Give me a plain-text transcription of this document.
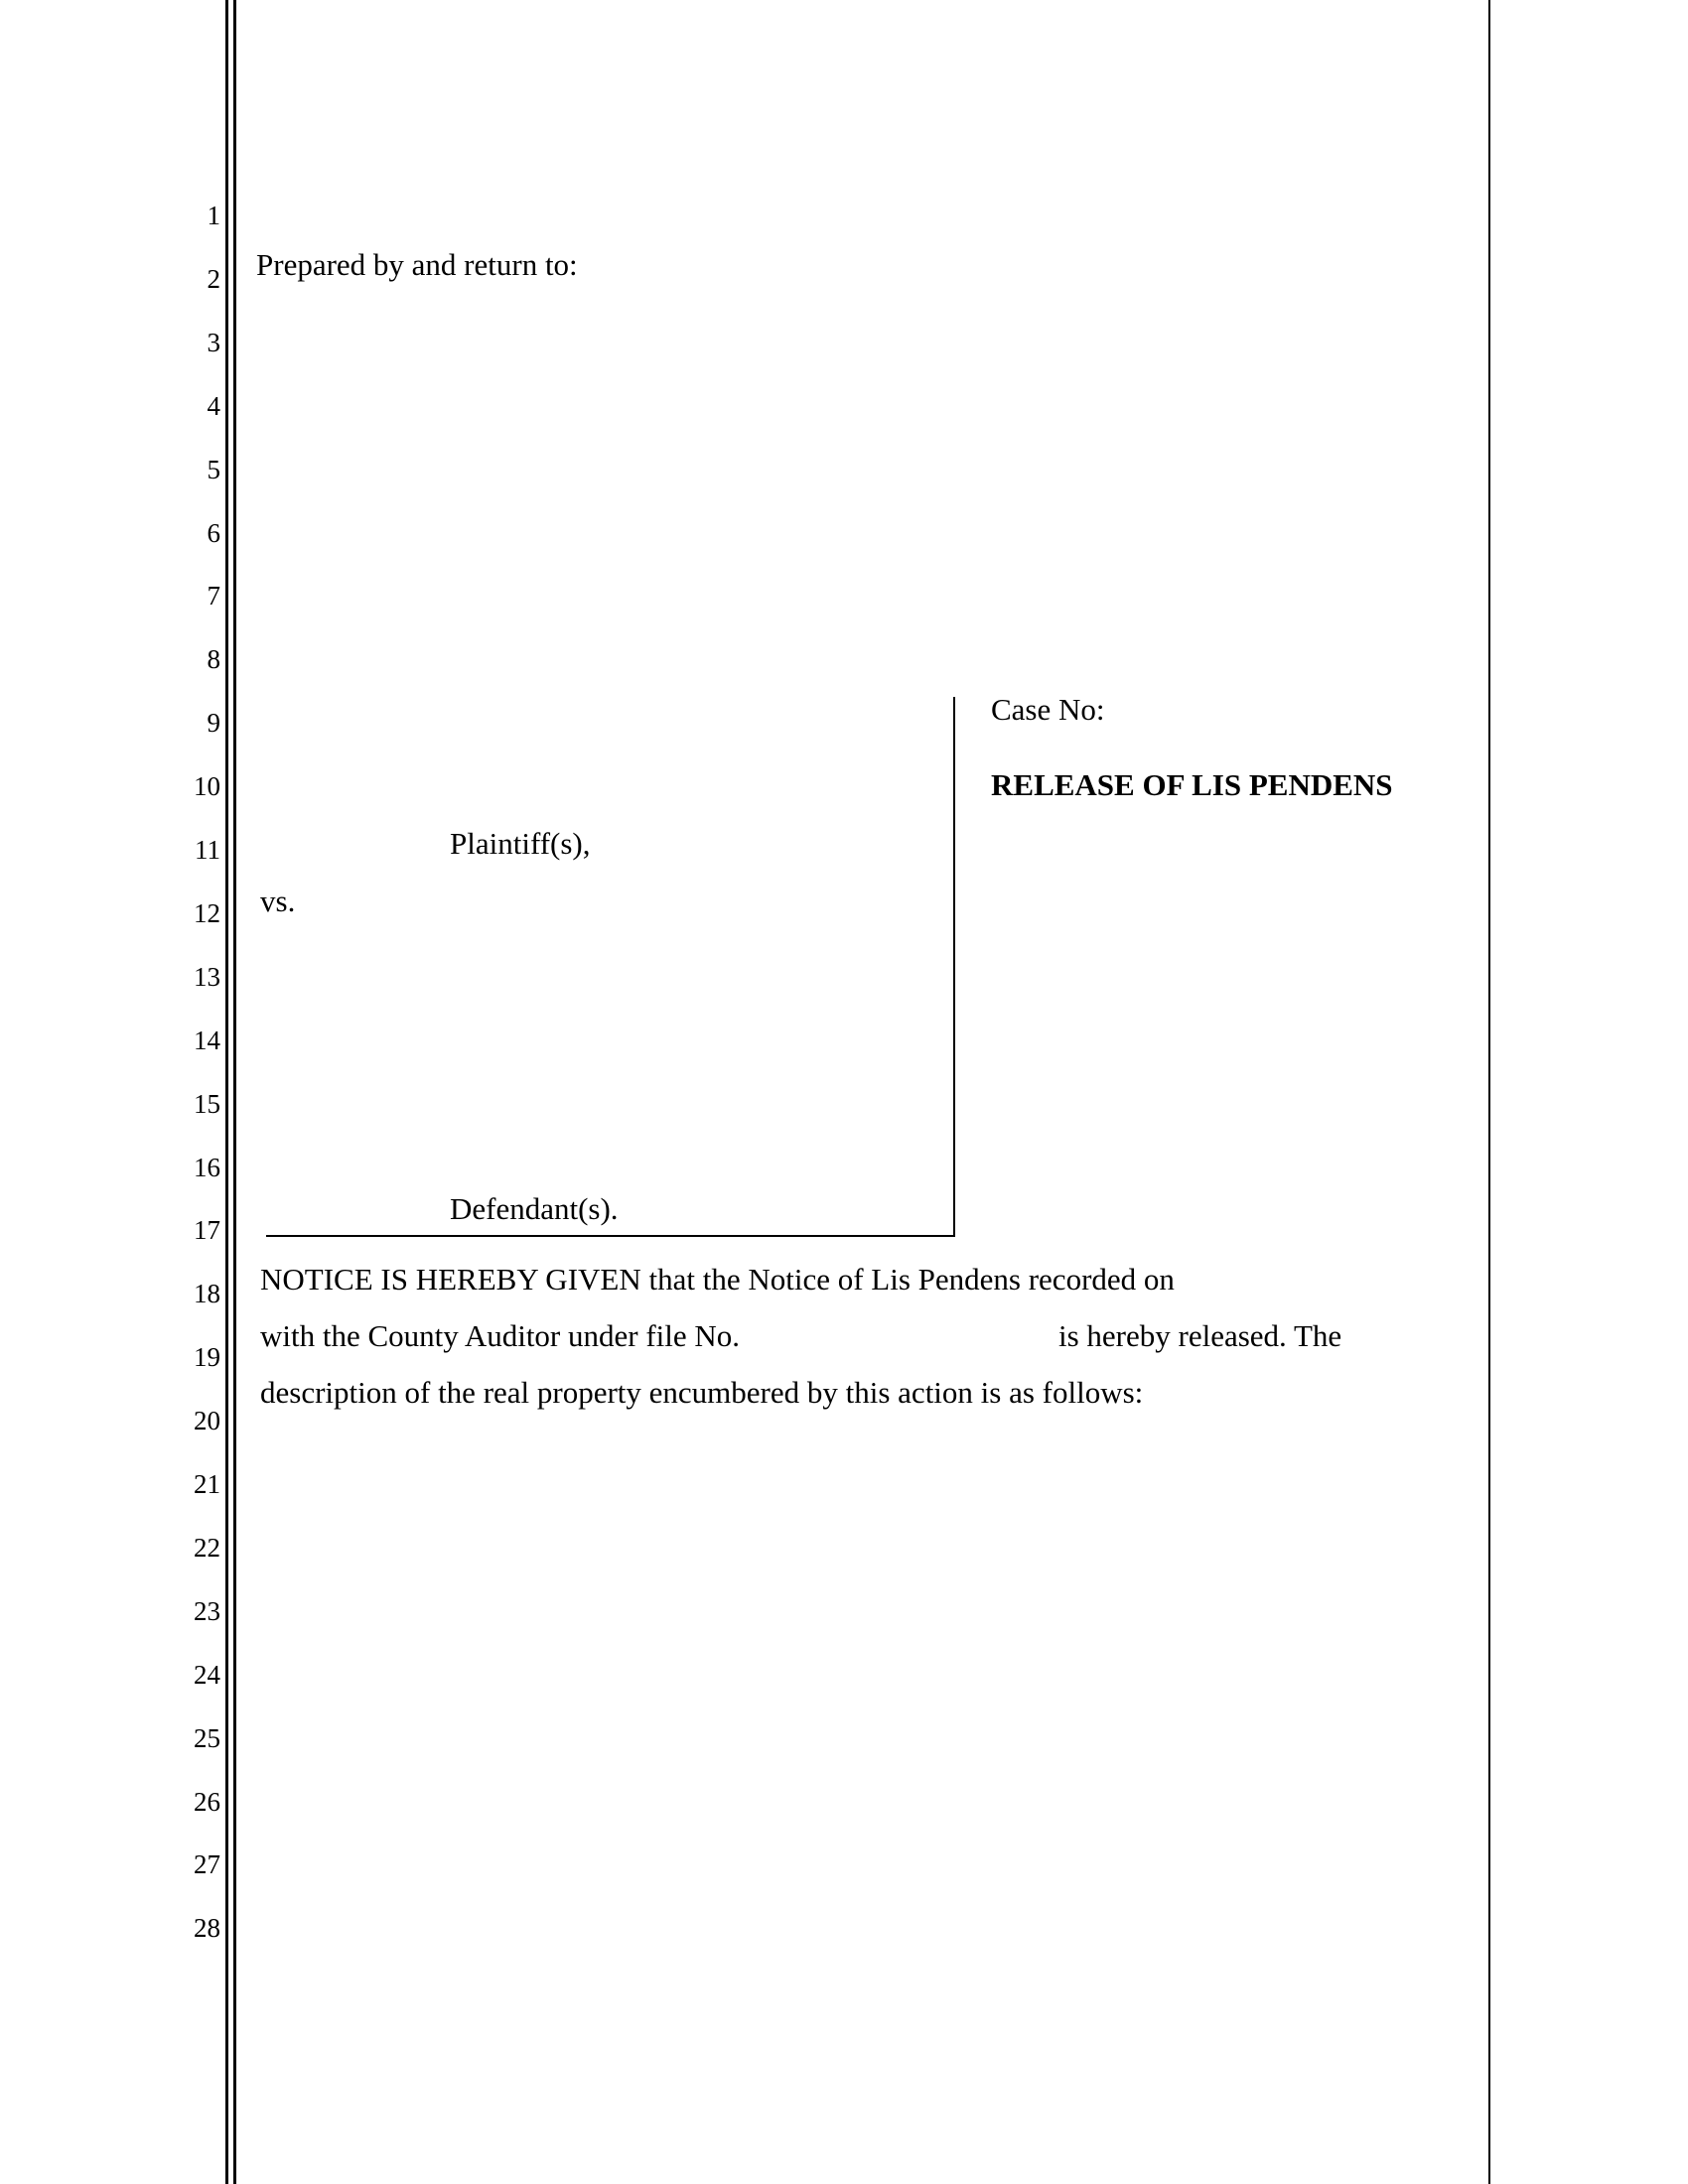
1
2
3
4
5
6
7
8
9
10
11
12
13
14
15
16
17
18
19
20
21
22
23
24
25
26
27
28
Prepared by and return to:
Case No:
RELEASE OF LIS PENDENS
Plaintiff(s),
vs.
Defendant(s).
NOTICE IS HEREBY GIVEN that the Notice of Lis Pendens recorded on
with the County Auditor under file No.	is hereby released. The
description of the real property encumbered by this action is as follows:
